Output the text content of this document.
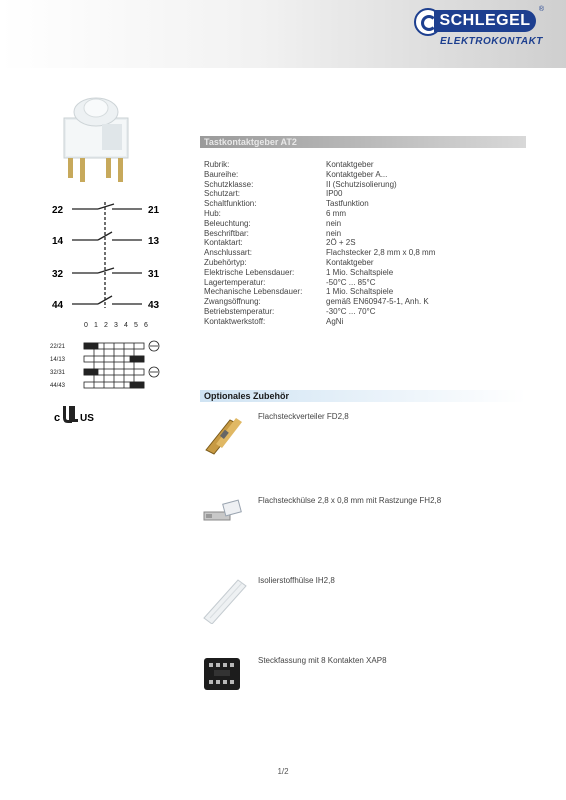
SCHLEGEL
®
ELEKTROKONTAKT
Tastkontaktgeber AT2
Rubrik:	Kontaktgeber
Baureihe:	Kontaktgeber A...
Schutzklasse:	II (Schutzisolierung)
Schutzart:	IP00
Schaltfunktion:	Tastfunktion
Hub:	6 mm
Beleuchtung:	nein
Beschriftbar:	nein
Kontaktart:	2Ö + 2S
Anschlussart:	Flachstecker 2,8 mm x 0,8 mm
Zubehörtyp:	Kontaktgeber
Elektrische Lebensdauer:	1 Mio. Schaltspiele
Lagertemperatur:	-50°C ... 85°C
Mechanische Lebensdauer:	1 Mio. Schaltspiele
Zwangsöffnung:	gemäß EN60947-5-1, Anh. K
Betriebstemperatur:	-30°C ... 70°C
Kontaktwerkstoff:	AgNi
22	21
14	13
32	31
44	43
0 1 2 3 4 5 6
22/21
14/13
32/31
44/43
c US
Optionales Zubehör
Flachsteckverteiler FD2,8
Flachsteckhülse 2,8 x 0,8 mm mit Rastzunge FH2,8
Isolierstoffhülse IH2,8
Steckfassung mit 8 Kontakten XAP8
1/2
